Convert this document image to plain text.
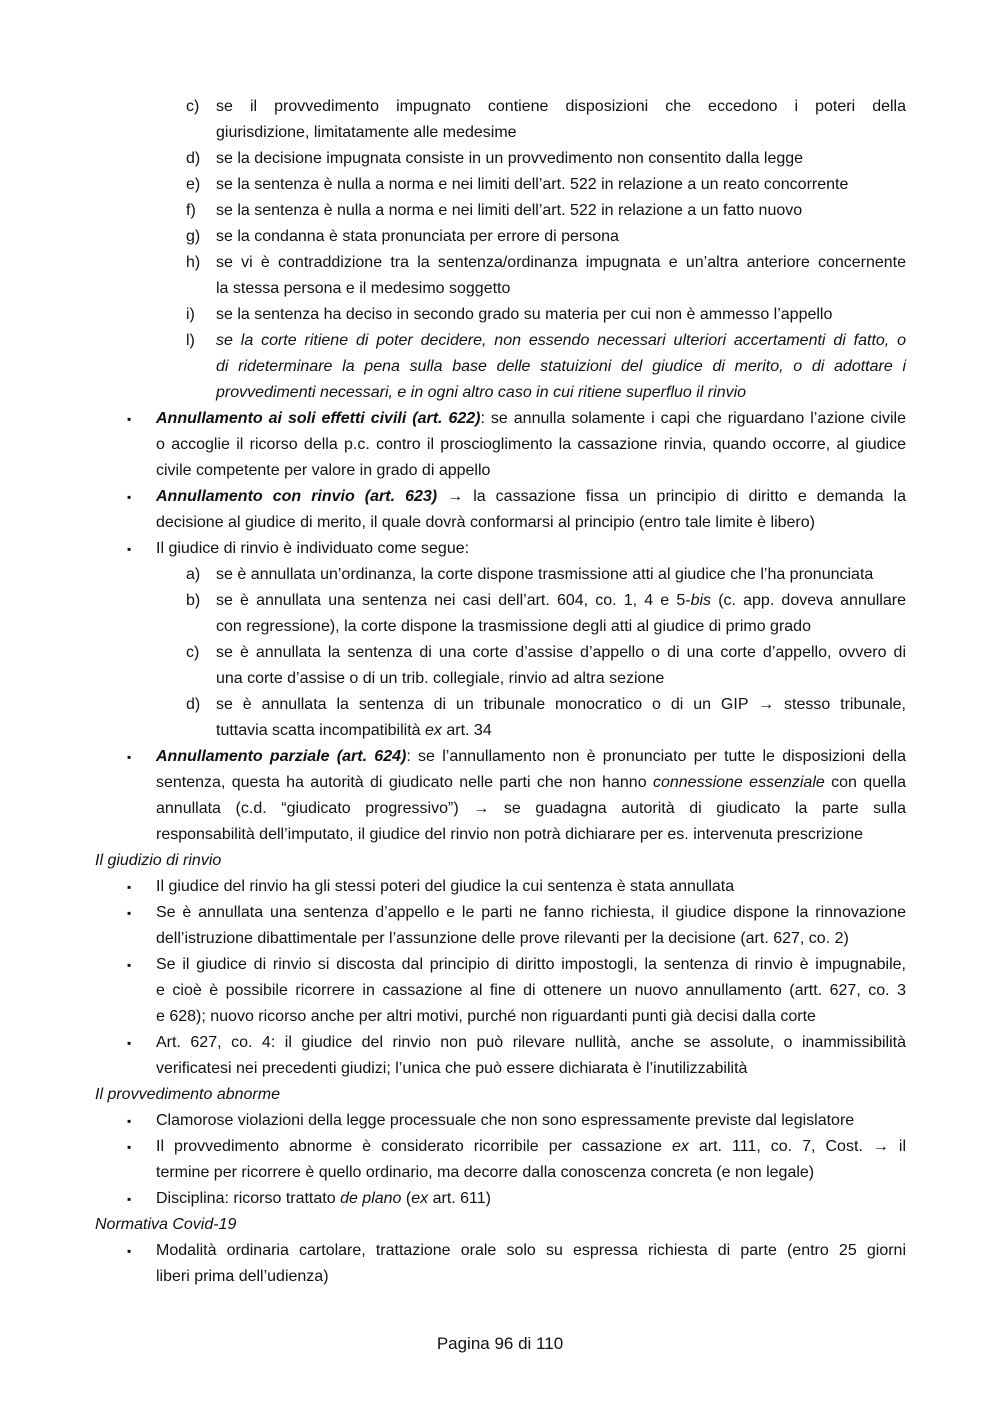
c) se il provvedimento impugnato contiene disposizioni che eccedono i poteri della
giurisdizione, limitatamente alle medesime
d) se la decisione impugnata consiste in un provvedimento non consentito dalla legge
e) se la sentenza è nulla a norma e nei limiti dell’art. 522 in relazione a un reato concorrente
f) se la sentenza è nulla a norma e nei limiti dell’art. 522 in relazione a un fatto nuovo
g) se la condanna è stata pronunciata per errore di persona
h) se vi è contraddizione tra la sentenza/ordinanza impugnata e un’altra anteriore concernente
la stessa persona e il medesimo soggetto
i) se la sentenza ha deciso in secondo grado su materia per cui non è ammesso l’appello
l) se la corte ritiene di poter decidere, non essendo necessari ulteriori accertamenti di fatto, o
di rideterminare la pena sulla base delle statuizioni del giudice di merito, o di adottare i
provvedimenti necessari, e in ogni altro caso in cui ritiene superfluo il rinvio
▪ Annullamento ai soli effetti civili (art. 622): se annulla solamente i capi che riguardano l’azione civile
o accoglie il ricorso della p.c. contro il proscioglimento la cassazione rinvia, quando occorre, al giudice
civile competente per valore in grado di appello
▪ Annullamento con rinvio (art. 623) → la cassazione fissa un principio di diritto e demanda la
decisione al giudice di merito, il quale dovrà conformarsi al principio (entro tale limite è libero)
▪ Il giudice di rinvio è individuato come segue:
a) se è annullata un’ordinanza, la corte dispone trasmissione atti al giudice che l’ha pronunciata
b) se è annullata una sentenza nei casi dell’art. 604, co. 1, 4 e 5-bis (c. app. doveva annullare
con regressione), la corte dispone la trasmissione degli atti al giudice di primo grado
c) se è annullata la sentenza di una corte d’assise d’appello o di una corte d’appello, ovvero di
una corte d’assise o di un trib. collegiale, rinvio ad altra sezione
d) se è annullata la sentenza di un tribunale monocratico o di un GIP → stesso tribunale,
tuttavia scatta incompatibilità ex art. 34
▪ Annullamento parziale (art. 624): se l’annullamento non è pronunciato per tutte le disposizioni della
sentenza, questa ha autorità di giudicato nelle parti che non hanno connessione essenziale con quella
annullata (c.d. “giudicato progressivo”) → se guadagna autorità di giudicato la parte sulla
responsabilità dell’imputato, il giudice del rinvio non potrà dichiarare per es. intervenuta prescrizione
Il giudizio di rinvio
▪ Il giudice del rinvio ha gli stessi poteri del giudice la cui sentenza è stata annullata
▪ Se è annullata una sentenza d’appello e le parti ne fanno richiesta, il giudice dispone la rinnovazione
dell’istruzione dibattimentale per l’assunzione delle prove rilevanti per la decisione (art. 627, co. 2)
▪ Se il giudice di rinvio si discosta dal principio di diritto impostogli, la sentenza di rinvio è impugnabile,
e cioè è possibile ricorrere in cassazione al fine di ottenere un nuovo annullamento (artt. 627, co. 3
e 628); nuovo ricorso anche per altri motivi, purché non riguardanti punti già decisi dalla corte
▪ Art. 627, co. 4: il giudice del rinvio non può rilevare nullità, anche se assolute, o inammissibilità
verificatesi nei precedenti giudizi; l’unica che può essere dichiarata è l’inutilizzabilità
Il provvedimento abnorme
▪ Clamorose violazioni della legge processuale che non sono espressamente previste dal legislatore
▪ Il provvedimento abnorme è considerato ricorribile per cassazione ex art. 111, co. 7, Cost. → il
termine per ricorrere è quello ordinario, ma decorre dalla conoscenza concreta (e non legale)
▪ Disciplina: ricorso trattato de plano (ex art. 611)
Normativa Covid-19
▪ Modalità ordinaria cartolare, trattazione orale solo su espressa richiesta di parte (entro 25 giorni
liberi prima dell’udienza)
Pagina 96 di 110
